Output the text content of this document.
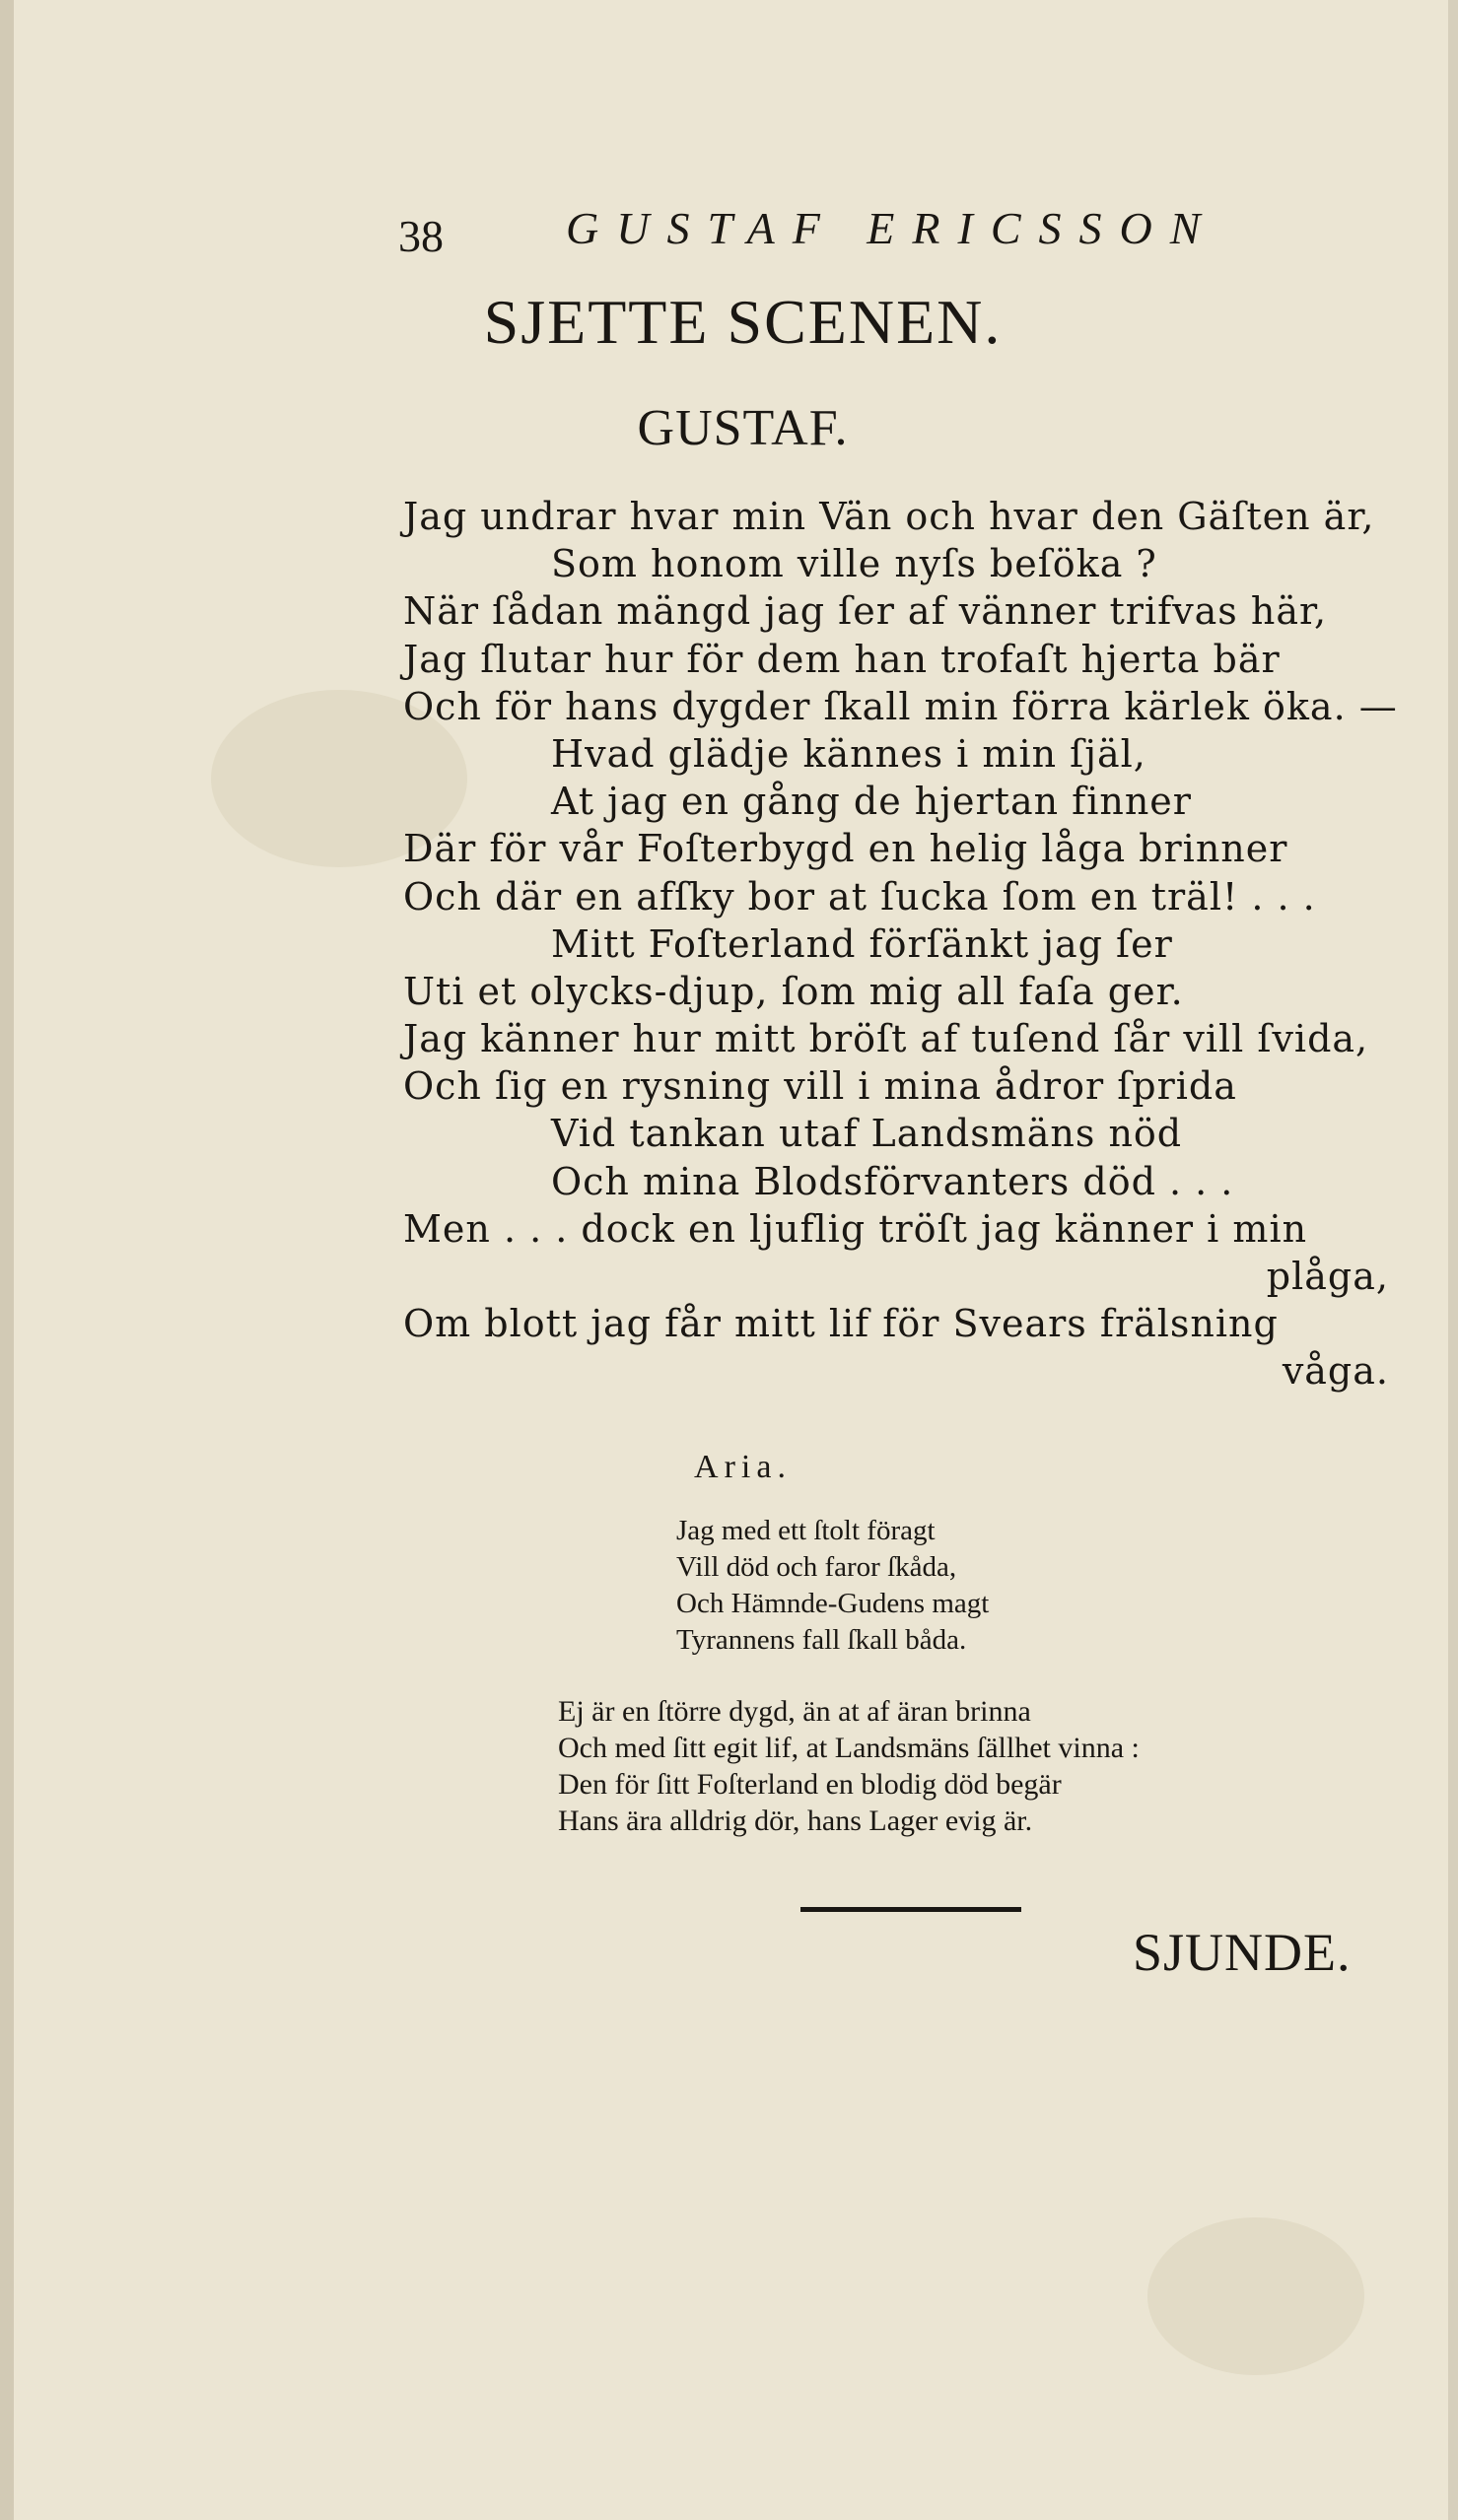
38	GUSTAF ERICSSON
SJETTE SCENEN.
GUSTAF.
Jag undrar hvar min Vän och hvar den Gäſten är,
Som honom ville nyſs beſöka ?
När ſådan mängd jag ſer af vänner trifvas här,
Jag ſlutar hur för dem han trofaſt hjerta bär
Och för hans dygder ſkall min förra kärlek öka. —
Hvad glädje kännes i min ſjäl,
At jag en gång de hjertan finner
Där för vår Foſterbygd en helig låga brinner
Och där en afſky bor at ſucka ſom en träl! . . .
Mitt Foſterland förſänkt jag ſer
Uti et olycks-djup, ſom mig all faſa ger.
Jag känner hur mitt bröſt af tuſend ſår vill ſvida,
Och ſig en rysning vill i mina ådror ſprida
Vid tankan utaf Landsmäns nöd
Och mina Blodsförvanters död . . .
Men . . . dock en ljuflig tröſt jag känner i min
plåga,
Om blott jag får mitt lif för Svears frälsning
våga.
Aria.
Jag med ett ſtolt föragt
Vill död och faror ſkåda,
Och Hämnde-Gudens magt
Tyrannens fall ſkall båda.
Ej är en ſtörre dygd, än at af äran brinna
Och med ſitt egit lif, at Landsmäns ſällhet vinna :
Den för ſitt Foſterland en blodig död begär
Hans ära alldrig dör, hans Lager evig är.
SJUNDE.
